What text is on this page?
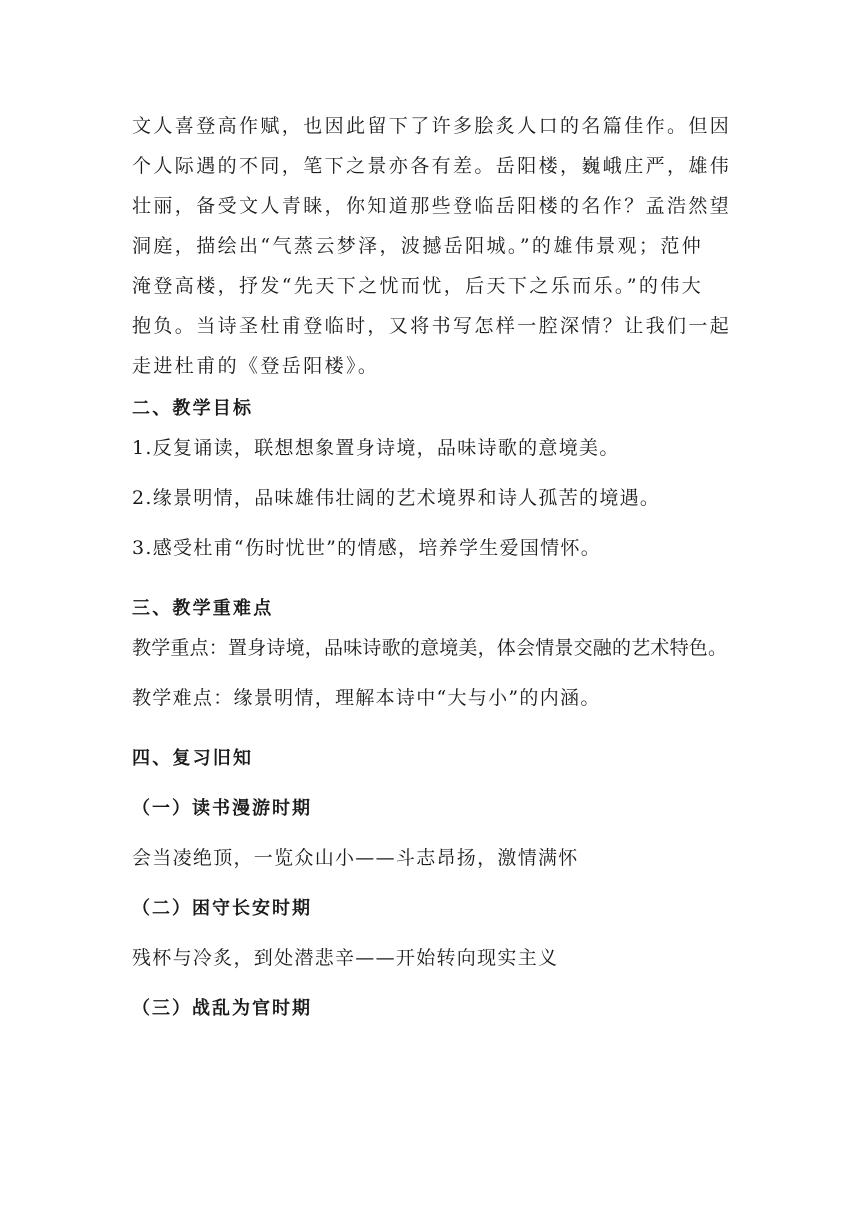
文人喜登高作赋，也因此留下了许多脍炙人口的名篇佳作。但因
个人际遇的不同，笔下之景亦各有差。岳阳楼，巍峨庄严，雄伟
壮丽，备受文人青睐，你知道那些登临岳阳楼的名作？孟浩然望
洞庭，描绘出“气蒸云梦泽，波撼岳阳城。”的雄伟景观；范仲
淹登高楼，抒发“先天下之忧而忧，后天下之乐而乐。”的伟大
抱负。当诗圣杜甫登临时，又将书写怎样一腔深情？让我们一起
走进杜甫的《登岳阳楼》。
二、教学目标
1.反复诵读，联想想象置身诗境，品味诗歌的意境美。
2.缘景明情，品味雄伟壮阔的艺术境界和诗人孤苦的境遇。
3.感受杜甫“伤时忧世”的情感，培养学生爱国情怀。
三、教学重难点
教学重点：置身诗境，品味诗歌的意境美，体会情景交融的艺术特色。
教学难点：缘景明情，理解本诗中“大与小”的内涵。
四、复习旧知
（一）读书漫游时期
会当凌绝顶，一览众山小——斗志昂扬，激情满怀
（二）困守长安时期
残杯与冷炙，到处潜悲辛——开始转向现实主义
（三）战乱为官时期
